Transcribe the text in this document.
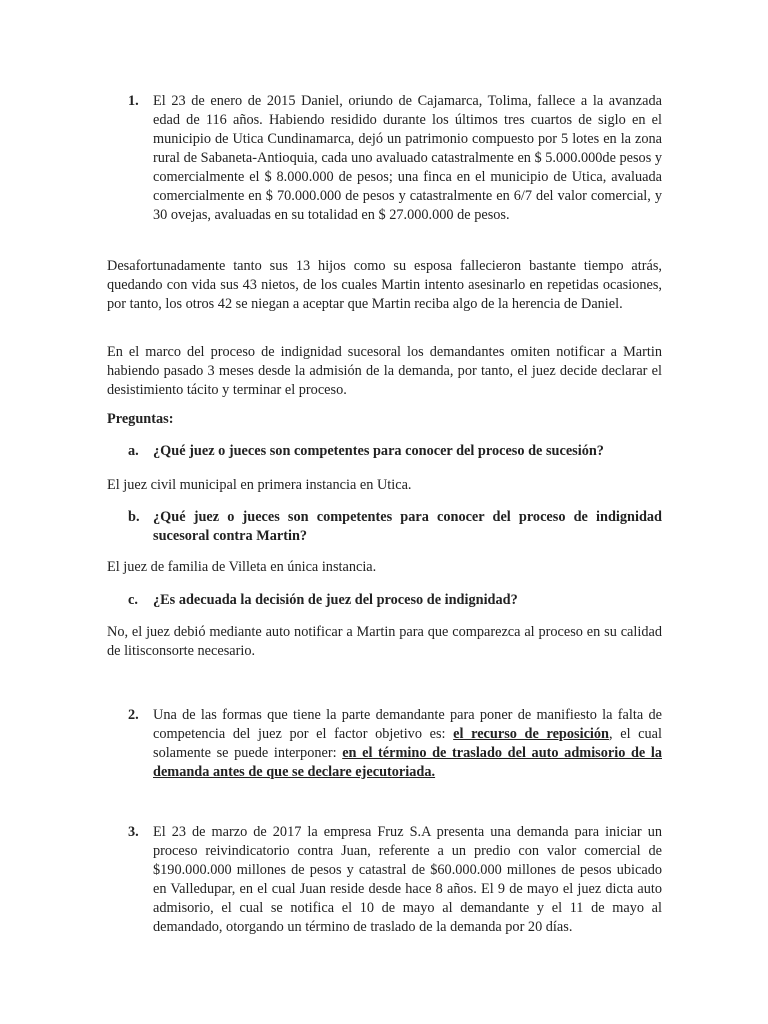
1. El 23 de enero de 2015 Daniel, oriundo de Cajamarca, Tolima, fallece a la avanzada edad de 116 años. Habiendo residido durante los últimos tres cuartos de siglo en el municipio de Utica Cundinamarca, dejó un patrimonio compuesto por 5 lotes en la zona rural de Sabaneta-Antioquia, cada uno avaluado catastralmente en $ 5.000.000de pesos y comercialmente el $ 8.000.000 de pesos; una finca en el municipio de Utica, avaluada comercialmente en $ 70.000.000 de pesos y catastralmente en 6/7 del valor comercial, y 30 ovejas, avaluadas en su totalidad en $ 27.000.000 de pesos.
Desafortunadamente tanto sus 13 hijos como su esposa fallecieron bastante tiempo atrás, quedando con vida sus 43 nietos, de los cuales Martin intento asesinarlo en repetidas ocasiones, por tanto, los otros 42 se niegan a aceptar que Martin reciba algo de la herencia de Daniel.
En el marco del proceso de indignidad sucesoral los demandantes omiten notificar a Martin habiendo pasado 3 meses desde la admisión de la demanda, por tanto, el juez decide declarar el desistimiento tácito y terminar el proceso.
Preguntas:
a. ¿Qué juez o jueces son competentes para conocer del proceso de sucesión?
El juez civil municipal en primera instancia en Utica.
b. ¿Qué juez o jueces son competentes para conocer del proceso de indignidad sucesoral contra Martin?
El juez de familia de Villeta en única instancia.
c. ¿Es adecuada la decisión de juez del proceso de indignidad?
No, el juez debió mediante auto notificar a Martin para que comparezca al proceso en su calidad de litisconsorte necesario.
2. Una de las formas que tiene la parte demandante para poner de manifiesto la falta de competencia del juez por el factor objetivo es: el recurso de reposición, el cual solamente se puede interponer: en el término de traslado del auto admisorio de la demanda antes de que se declare ejecutoriada.
3. El 23 de marzo de 2017 la empresa Fruz S.A presenta una demanda para iniciar un proceso reivindicatorio contra Juan, referente a un predio con valor comercial de $190.000.000 millones de pesos y catastral de $60.000.000 millones de pesos ubicado en Valledupar, en el cual Juan reside desde hace 8 años. El 9 de mayo el juez dicta auto admisorio, el cual se notifica el 10 de mayo al demandante y el 11 de mayo al demandado, otorgando un término de traslado de la demanda por 20 días.
